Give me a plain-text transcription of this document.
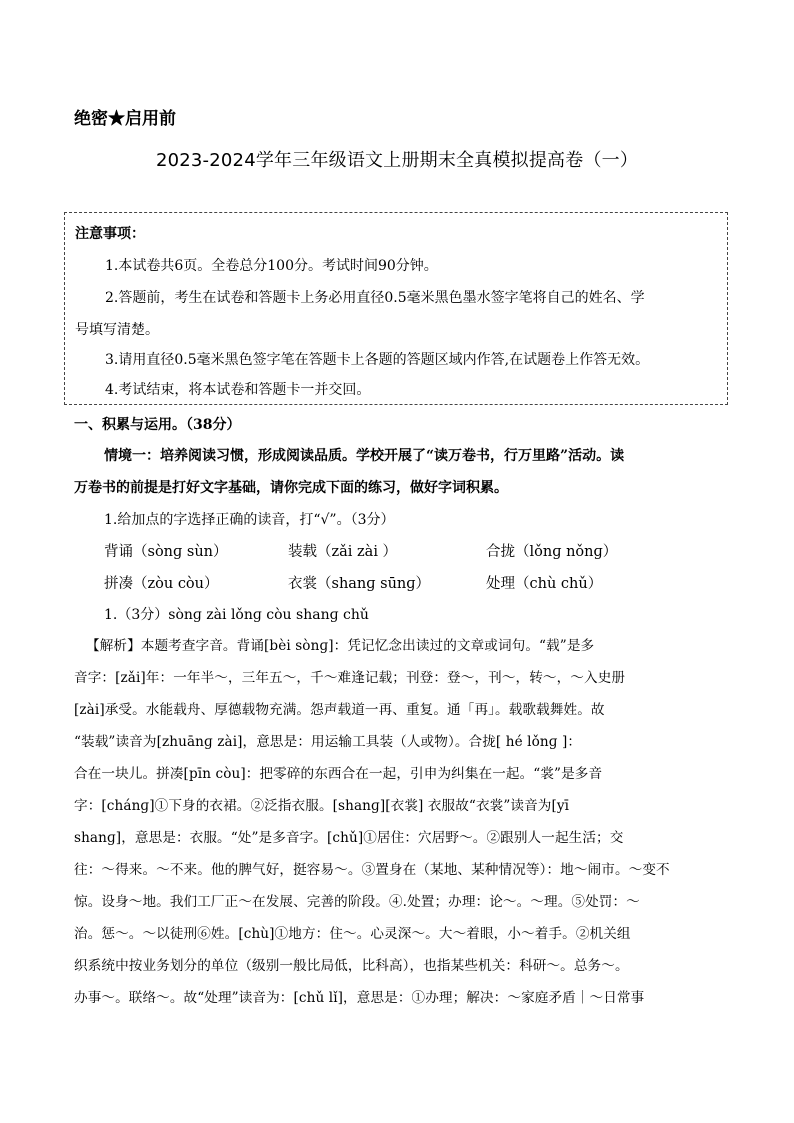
绝密★启用前
2023-2024学年三年级语文上册期末全真模拟提高卷（一）
注意事项：
1.本试卷共6页。全卷总分100分。考试时间90分钟。
2.答题前，考生在试卷和答题卡上务必用直径0.5毫米黑色墨水签字笔将自己的姓名、学
号填写清楚。
3.请用直径0.5毫米黑色签字笔在答题卡上各题的答题区域内作答,在试题卷上作答无效。
4.考试结束，将本试卷和答题卡一并交回。
一、积累与运用。（38分）
情境一：培养阅读习惯，形成阅读品质。学校开展了“读万卷书，行万里路”活动。读
万卷书的前提是打好文字基础，请你完成下面的练习，做好字词积累。
1.给加点的字选择正确的读音，打“√”。（3分）
背诵（sònɡ sùn）	装载（zǎi zài ）	合拢（lǒnɡ nǒnɡ）
拼凑（zòu còu）	衣裳（shanɡ sūnɡ）	处理（chù chǔ）
1.（3分）sònɡ zài lǒnɡ còu shanɡ chǔ
【解析】本题考查字音。背诵[bèi sònɡ]：凭记忆念出读过的文章或词句。“载”是多
音字：[zǎi]年：一年半～，三年五～，千～难逢记载；刊登：登～，刊～，转～，～入史册
[zài]承受。水能载舟、厚德载物充满。怨声载道一再、重复。通「再」。载歌载舞姓。故
“装载”读音为[zhuānɡ zài]，意思是：用运输工具装（人或物）。合拢[ hé lǒnɡ ]：
合在一块儿。拼凑[pīn còu]：把零碎的东西合在一起，引申为纠集在一起。“裳”是多音
字：[chánɡ]①下身的衣裙。②泛指衣服。[shanɡ][衣裳] 衣服故“衣裳”读音为[yī
shanɡ]，意思是：衣服。“处”是多音字。[chǔ]①居住：穴居野～。②跟别人一起生活；交
往：～得来。～不来。他的脾气好，挺容易～。③置身在（某地、某种情况等）：地～闹市。～变不
惊。设身～地。我们工厂正～在发展、完善的阶段。④.处置；办理：论～。～理。⑤处罚：～
治。惩～。～以徒刑⑥姓。[chù]①地方：住～。心灵深～。大～着眼，小～着手。②机关组
织系统中按业务划分的单位（级别一般比局低，比科高），也指某些机关：科研～。总务～。
办事～。联络～。故“处理”读音为：[chǔ lǐ]，意思是：①办理；解决：～家庭矛盾｜～日常事
